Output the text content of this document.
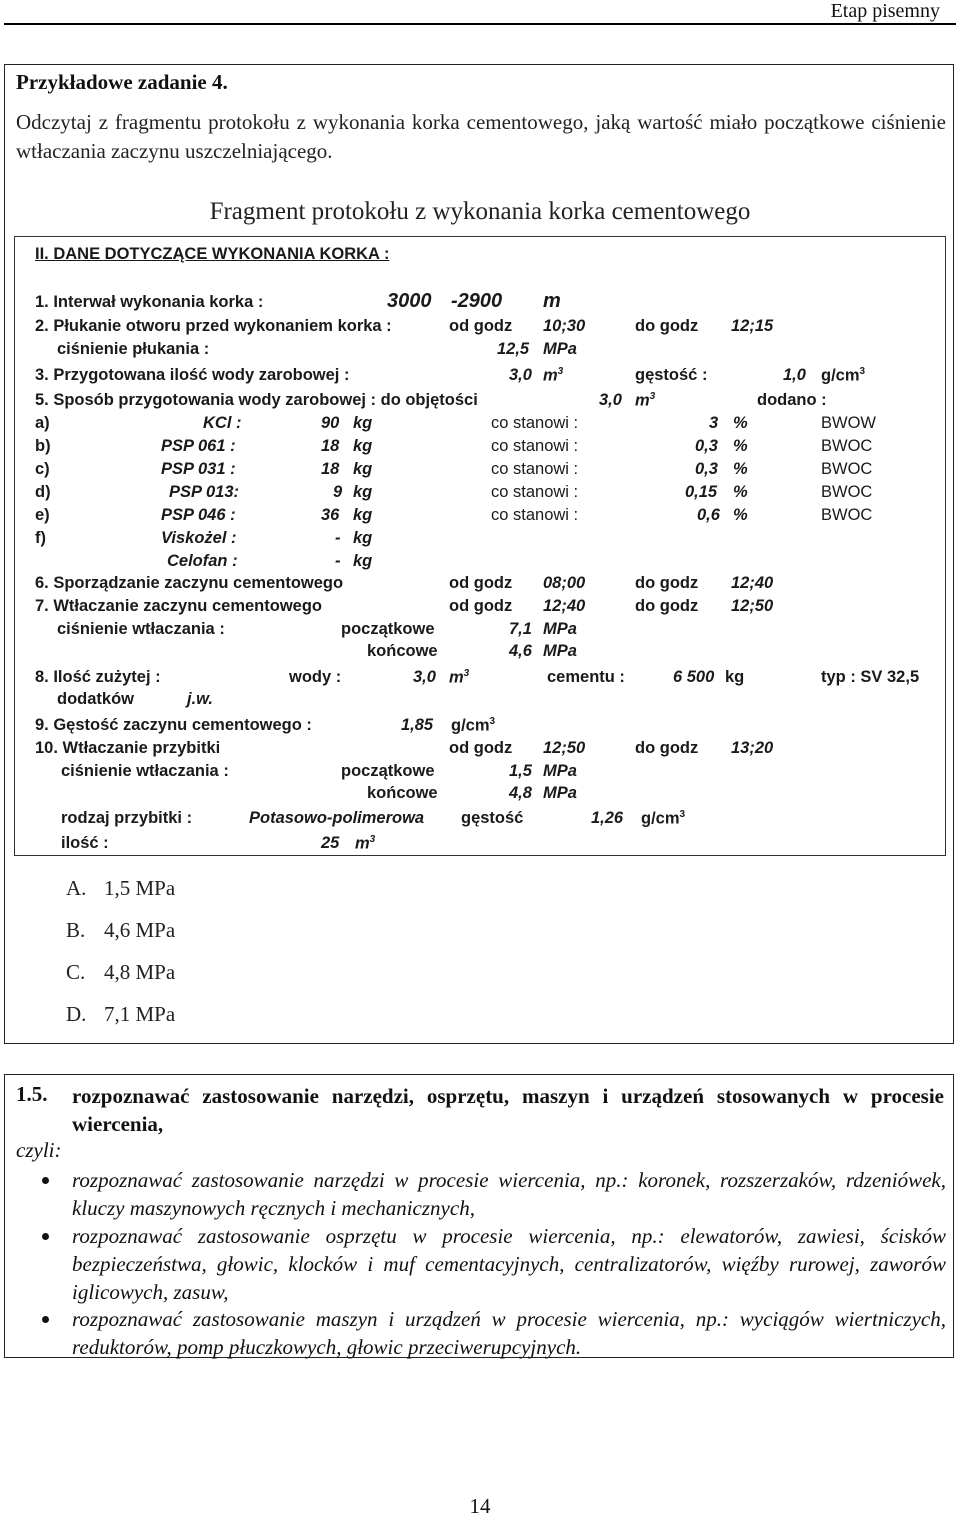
Etap pisemny
Przykładowe zadanie 4.
Odczytaj z fragmentu protokołu z wykonania korka cementowego, jaką wartość miało początkowe ciśnienie wtłaczania zaczynu uszczelniającego.
Fragment protokołu z wykonania korka cementowego
II. DANE DOTYCZĄCE WYKONANIA KORKA :
1. Interwał wykonania korka :	3000 -2900 m
2. Płukanie otworu przed wykonaniem korka :	od godz 10;30	do godz 12;15
ciśnienie płukania :	12,5 MPa
3. Przygotowana ilość wody zarobowej :	3,0 $m^3$	gęstość :	1,0 $g/cm^3$
5. Sposób przygotowania wody zarobowej : do objętości	3,0 $m^3$	dodano :
a)	KCl :	90 kg	co stanowi :	3 %	BWOW
b)	PSP 061 :	18 kg	co stanowi :	0,3 %	BWOC
c)	PSP 031 :	18 kg	co stanowi :	0,3 %	BWOC
d)	PSP 013:	9 kg	co stanowi :	0,15 %	BWOC
e)	PSP 046 :	36 kg	co stanowi :	0,6 %	BWOC
f)	Viskożel :	- kg
Celofan :	- kg
6. Sporządzanie zaczynu cementowego	od godz 08;00	do godz 12;40
7. Wtłaczanie zaczynu cementowego	od godz 12;40	do godz 12;50
ciśnienie wtłaczania :	początkowe	7,1 MPa
końcowe	4,6 MPa
8. Ilość zużytej :	wody :	3,0 $m^3$	cementu :	6 500 kg	typ : SV 32,5
dodatków	j.w.
9. Gęstość zaczynu cementowego :	1,85 $g/cm^3$
10. Wtłaczanie przybitki	od godz 12;50	do godz 13;20
ciśnienie wtłaczania :	początkowe	1,5 MPa
końcowe	4,8 MPa
rodzaj przybitki :	Potasowo-polimerowa gęstość	1,26 $g/cm^3$
ilość :	25 $m^3$
A. 1,5 MPa
B. 4,6 MPa
C. 4,8 MPa
D. 7,1 MPa
1.5. rozpoznawać zastosowanie narzędzi, osprzętu, maszyn i urządzeń stosowanych w procesie wiercenia,
czyli:
rozpoznawać zastosowanie narzędzi w procesie wiercenia, np.: koronek, rozszerzaków, rdzeniówek, kluczy maszynowych ręcznych i mechanicznych,
rozpoznawać zastosowanie osprzętu w procesie wiercenia, np.: elewatorów, zawiesi, ścisków bezpieczeństwa, głowic, klocków i muf cementacyjnych, centralizatorów, więźby rurowej, zaworów iglicowych, zasuw,
rozpoznawać zastosowanie maszyn i urządzeń w procesie wiercenia, np.: wyciągów wiertniczych, reduktorów, pomp płuczkowych, głowic przeciwerupcyjnych.
14
